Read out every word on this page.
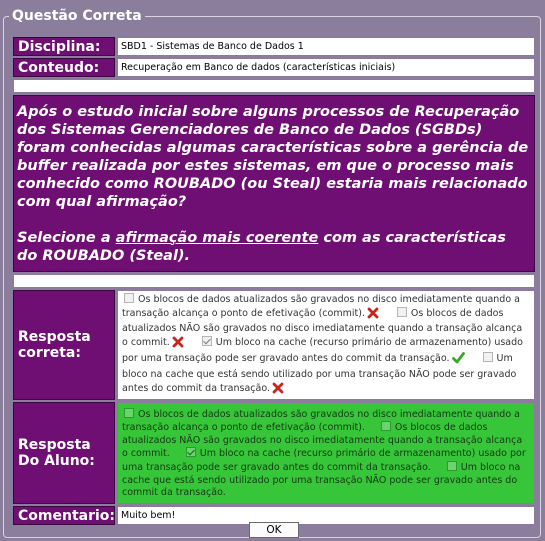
Questão Correta
Disciplina:	SBD1 - Sistemas de Banco de Dados 1
Conteudo:	Recuperação em Banco de dados (características iniciais)

Após o estudo inicial sobre alguns processos de Recuperação dos Sistemas Gerenciadores de Banco de Dados (SGBDs) foram conhecidas algumas características sobre a gerência de buffer realizada por estes sistemas, em que o processo mais conhecido como ROUBADO (ou Steal) estaria mais relacionado com qual afirmação?
Selecione a afirmação mais coerente com as características do ROUBADO (Steal).	

Resposta correta:	Os blocos de dados atualizados são gravados no disco imediatamente quando a transação alcança o ponto de efetivação (commit). Os blocos de dados atualizados NÃO são gravados no disco imediatamente quando a transação alcança o commit. Um bloco na cache (recurso primário de armazenamento) usado por uma transação pode ser gravado antes do commit da transação. Um bloco na cache que está sendo utilizado por uma transação NÃO pode ser gravado antes do commit da transação.
Resposta Do Aluno:	Os blocos de dados atualizados são gravados no disco imediatamente quando a transação alcança o ponto de efetivação (commit). Os blocos de dados atualizados NÃO são gravados no disco imediatamente quando a transação alcança o commit. Um bloco na cache (recurso primário de armazenamento) usado por uma transação pode ser gravado antes do commit da transação. Um bloco na cache que está sendo utilizado por uma transação NÃO pode ser gravado antes do commit da transação.
Comentario:	Muito bem!
OK
